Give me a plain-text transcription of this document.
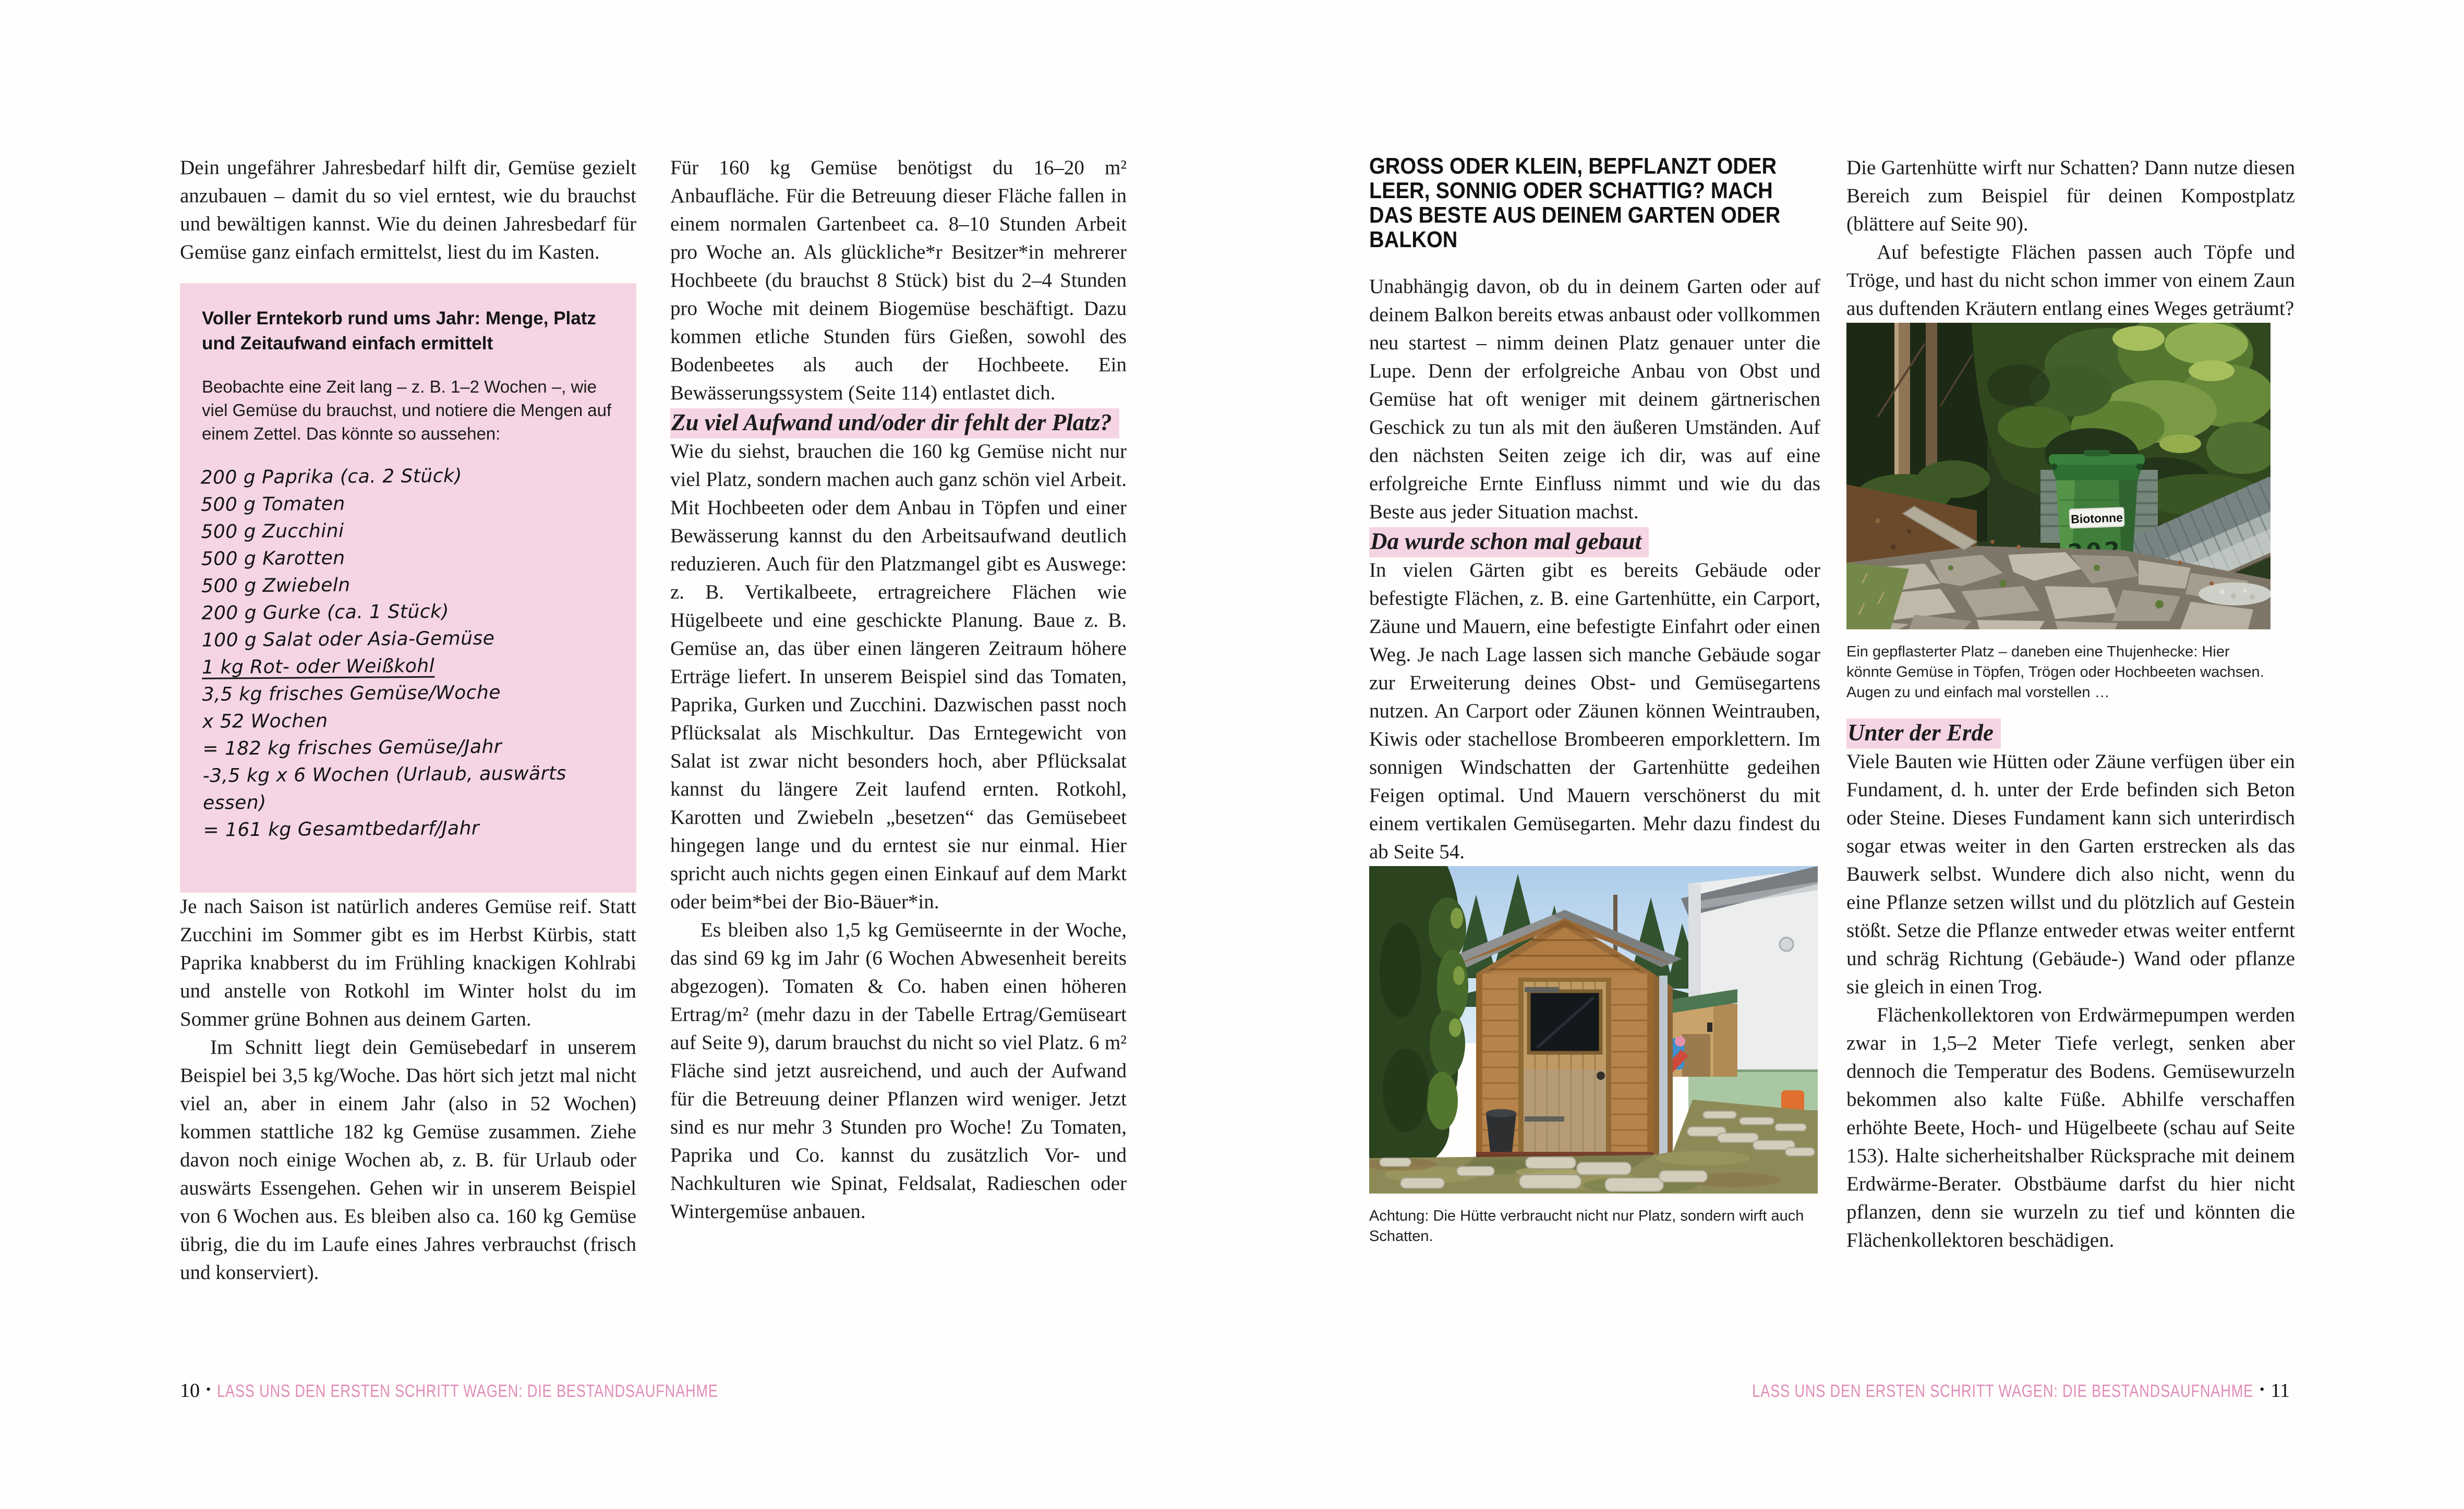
Dein ungefährer Jahresbedarf hilft dir, Gemüse gezielt anzubauen – damit du so viel erntest, wie du brauchst und bewältigen kannst. Wie du deinen Jahresbedarf für Gemüse ganz einfach ermittelst, liest du im Kasten.

Voller Erntekorb rund ums Jahr: Menge, Platz und Zeitaufwand einfach ermittelt

Beobachte eine Zeit lang – z. B. 1–2 Wochen –, wie viel Gemüse du brauchst, und notiere die Mengen auf einem Zettel. Das könnte so aussehen:

200 g Paprika (ca. 2 Stück)
500 g Tomaten
500 g Zucchini
500 g Karotten
500 g Zwiebeln
200 g Gurke (ca. 1 Stück)
100 g Salat oder Asia-Gemüse
1 kg Rot- oder Weißkohl
3,5 kg frisches Gemüse/Woche
x 52 Wochen
= 182 kg frisches Gemüse/Jahr
-3,5 kg x 6 Wochen (Urlaub, auswärts essen)
= 161 kg Gesamtbedarf/Jahr

Je nach Saison ist natürlich anderes Gemüse reif. Statt Zucchini im Sommer gibt es im Herbst Kürbis, statt Paprika knabberst du im Frühling knackigen Kohlrabi und anstelle von Rotkohl im Winter holst du im Sommer grüne Bohnen aus deinem Garten.

Im Schnitt liegt dein Gemüsebedarf in unserem Beispiel bei 3,5 kg/Woche. Das hört sich jetzt mal nicht viel an, aber in einem Jahr (also in 52 Wochen) kommen stattliche 182 kg Gemüse zusammen. Ziehe davon noch einige Wochen ab, z. B. für Urlaub oder auswärts Essengehen. Gehen wir in unserem Beispiel von 6 Wochen aus. Es bleiben also ca. 160 kg Gemüse übrig, die du im Laufe eines Jahres verbrauchst (frisch und konserviert).

Für 160 kg Gemüse benötigst du 16–20 m² Anbaufläche. Für die Betreuung dieser Fläche fallen in einem normalen Gartenbeet ca. 8–10 Stunden Arbeit pro Woche an. Als glückliche*r Besitzer*in mehrerer Hochbeete (du brauchst 8 Stück) bist du 2–4 Stunden pro Woche mit deinem Biogemüse beschäftigt. Dazu kommen etliche Stunden fürs Gießen, sowohl des Bodenbeetes als auch der Hochbeete. Ein Bewässerungssystem (Seite 114) entlastet dich.

Zu viel Aufwand und/oder dir fehlt der Platz?

Wie du siehst, brauchen die 160 kg Gemüse nicht nur viel Platz, sondern machen auch ganz schön viel Arbeit. Mit Hochbeeten oder dem Anbau in Töpfen und einer Bewässerung kannst du den Arbeitsaufwand deutlich reduzieren. Auch für den Platzmangel gibt es Auswege: z. B. Vertikalbeete, ertragreichere Flächen wie Hügelbeete und eine geschickte Planung. Baue z. B. Gemüse an, das über einen längeren Zeitraum höhere Erträge liefert. In unserem Beispiel sind das Tomaten, Paprika, Gurken und Zucchini. Dazwischen passt noch Pflücksalat als Mischkultur. Das Erntegewicht von Salat ist zwar nicht besonders hoch, aber Pflücksalat kannst du längere Zeit laufend ernten. Rotkohl, Karotten und Zwiebeln „besetzen“ das Gemüsebeet hingegen lange und du erntest sie nur einmal. Hier spricht auch nichts gegen einen Einkauf auf dem Markt oder beim*bei der Bio-Bäuer*in.

Es bleiben also 1,5 kg Gemüseernte in der Woche, das sind 69 kg im Jahr (6 Wochen Abwesenheit bereits abgezogen). Tomaten & Co. haben einen höheren Ertrag/m² (mehr dazu in der Tabelle Ertrag/Gemüseart auf Seite 9), darum brauchst du nicht so viel Platz. 6 m² Fläche sind jetzt ausreichend, und auch der Aufwand für die Betreuung deiner Pflanzen wird weniger. Jetzt sind es nur mehr 3 Stunden pro Woche! Zu Tomaten, Paprika und Co. kannst du zusätzlich Vor- und Nachkulturen wie Spinat, Feldsalat, Radieschen oder Wintergemüse anbauen.

10 • LASS UNS DEN ERSTEN SCHRITT WAGEN: DIE BESTANDSAUFNAHME
GROSS ODER KLEIN, BEPFLANZT ODER LEER, SONNIG ODER SCHATTIG? MACH DAS BESTE AUS DEINEM GARTEN ODER BALKON

Unabhängig davon, ob du in deinem Garten oder auf deinem Balkon bereits etwas anbaust oder vollkommen neu startest – nimm deinen Platz genauer unter die Lupe. Denn der erfolgreiche Anbau von Obst und Gemüse hat oft weniger mit deinem gärtnerischen Geschick zu tun als mit den äußeren Umständen. Auf den nächsten Seiten zeige ich dir, was auf eine erfolgreiche Ernte Einfluss nimmt und wie du das Beste aus jeder Situation machst.

Da wurde schon mal gebaut

In vielen Gärten gibt es bereits Gebäude oder befestigte Flächen, z. B. eine Gartenhütte, ein Carport, Zäune und Mauern, eine befestigte Einfahrt oder einen Weg. Je nach Lage lassen sich manche Gebäude sogar zur Erweiterung deines Obst- und Gemüsegartens nutzen. An Carport oder Zäunen können Weintrauben, Kiwis oder stachellose Brombeeren emporklettern. Im sonnigen Windschatten der Gartenhütte gedeihen Feigen optimal. Und Mauern verschönerst du mit einem vertikalen Gemüsegarten. Mehr dazu findest du ab Seite 54.

Achtung: Die Hütte verbraucht nicht nur Platz, sondern wirft auch Schatten.

Die Gartenhütte wirft nur Schatten? Dann nutze diesen Bereich zum Beispiel für deinen Kompostplatz (blättere auf Seite 90).

Auf befestigte Flächen passen auch Töpfe und Tröge, und hast du nicht schon immer von einem Zaun aus duftenden Kräutern entlang eines Weges geträumt?

Biotonne
Ein gepflasterter Platz – daneben eine Thujenhecke: Hier könnte Gemüse in Töpfen, Trögen oder Hochbeeten wachsen. Augen zu und einfach mal vorstellen …
Unter der Erde

Viele Bauten wie Hütten oder Zäune verfügen über ein Fundament, d. h. unter der Erde befinden sich Beton oder Steine. Dieses Fundament kann sich unterirdisch sogar etwas weiter in den Garten erstrecken als das Bauwerk selbst. Wundere dich also nicht, wenn du eine Pflanze setzen willst und du plötzlich auf Gestein stößt. Setze die Pflanze entweder etwas weiter entfernt und schräg Richtung (Gebäude-) Wand oder pflanze sie gleich in einen Trog.

Flächenkollektoren von Erdwärmepumpen werden zwar in 1,5–2 Meter Tiefe verlegt, senken aber dennoch die Temperatur des Bodens. Gemüsewurzeln bekommen also kalte Füße. Abhilfe verschaffen erhöhte Beete, Hoch- und Hügelbeete (schau auf Seite 153). Halte sicherheitshalber Rücksprache mit deinem Erdwärme-Berater. Obstbäume darfst du hier nicht pflanzen, denn sie wurzeln zu tief und könnten die Flächenkollektoren beschädigen.

LASS UNS DEN ERSTEN SCHRITT WAGEN: DIE BESTANDSAUFNAHME • 11
